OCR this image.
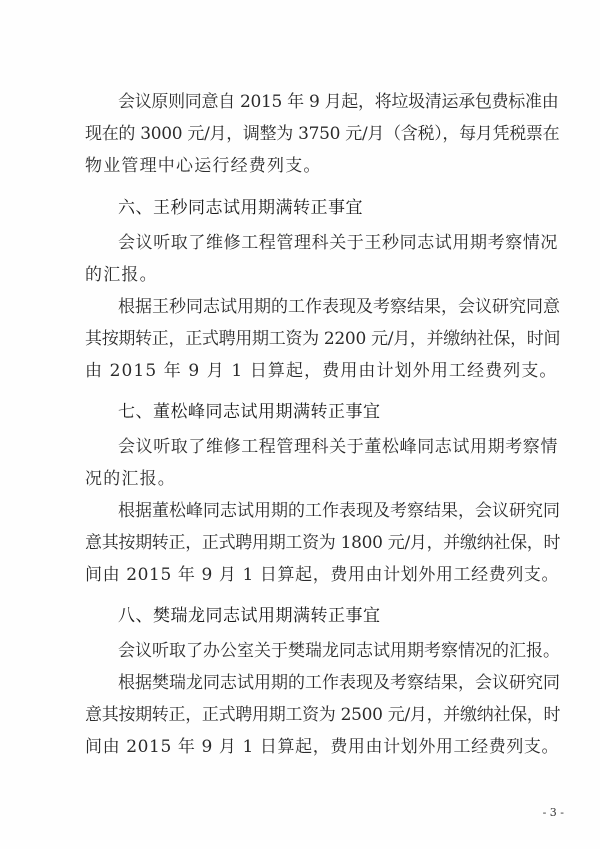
会议原则同意自 2015 年 9 月起，将垃圾清运承包费标准由
现在的 3000 元/月，调整为 3750 元/月（含税），每月凭税票在
物业管理中心运行经费列支。
六、王秒同志试用期满转正事宜
会议听取了维修工程管理科关于王秒同志试用期考察情况
的汇报。
根据王秒同志试用期的工作表现及考察结果，会议研究同意
其按期转正，正式聘用期工资为 2200 元/月，并缴纳社保，时间
由 2015 年 9 月 1 日算起，费用由计划外用工经费列支。
七、董松峰同志试用期满转正事宜
会议听取了维修工程管理科关于董松峰同志试用期考察情
况的汇报。
根据董松峰同志试用期的工作表现及考察结果，会议研究同
意其按期转正，正式聘用期工资为 1800 元/月，并缴纳社保，时
间由 2015 年 9 月 1 日算起，费用由计划外用工经费列支。
八、樊瑞龙同志试用期满转正事宜
会议听取了办公室关于樊瑞龙同志试用期考察情况的汇报。
根据樊瑞龙同志试用期的工作表现及考察结果，会议研究同
意其按期转正，正式聘用期工资为 2500 元/月，并缴纳社保，时
间由 2015 年 9 月 1 日算起，费用由计划外用工经费列支。
- 3 -
